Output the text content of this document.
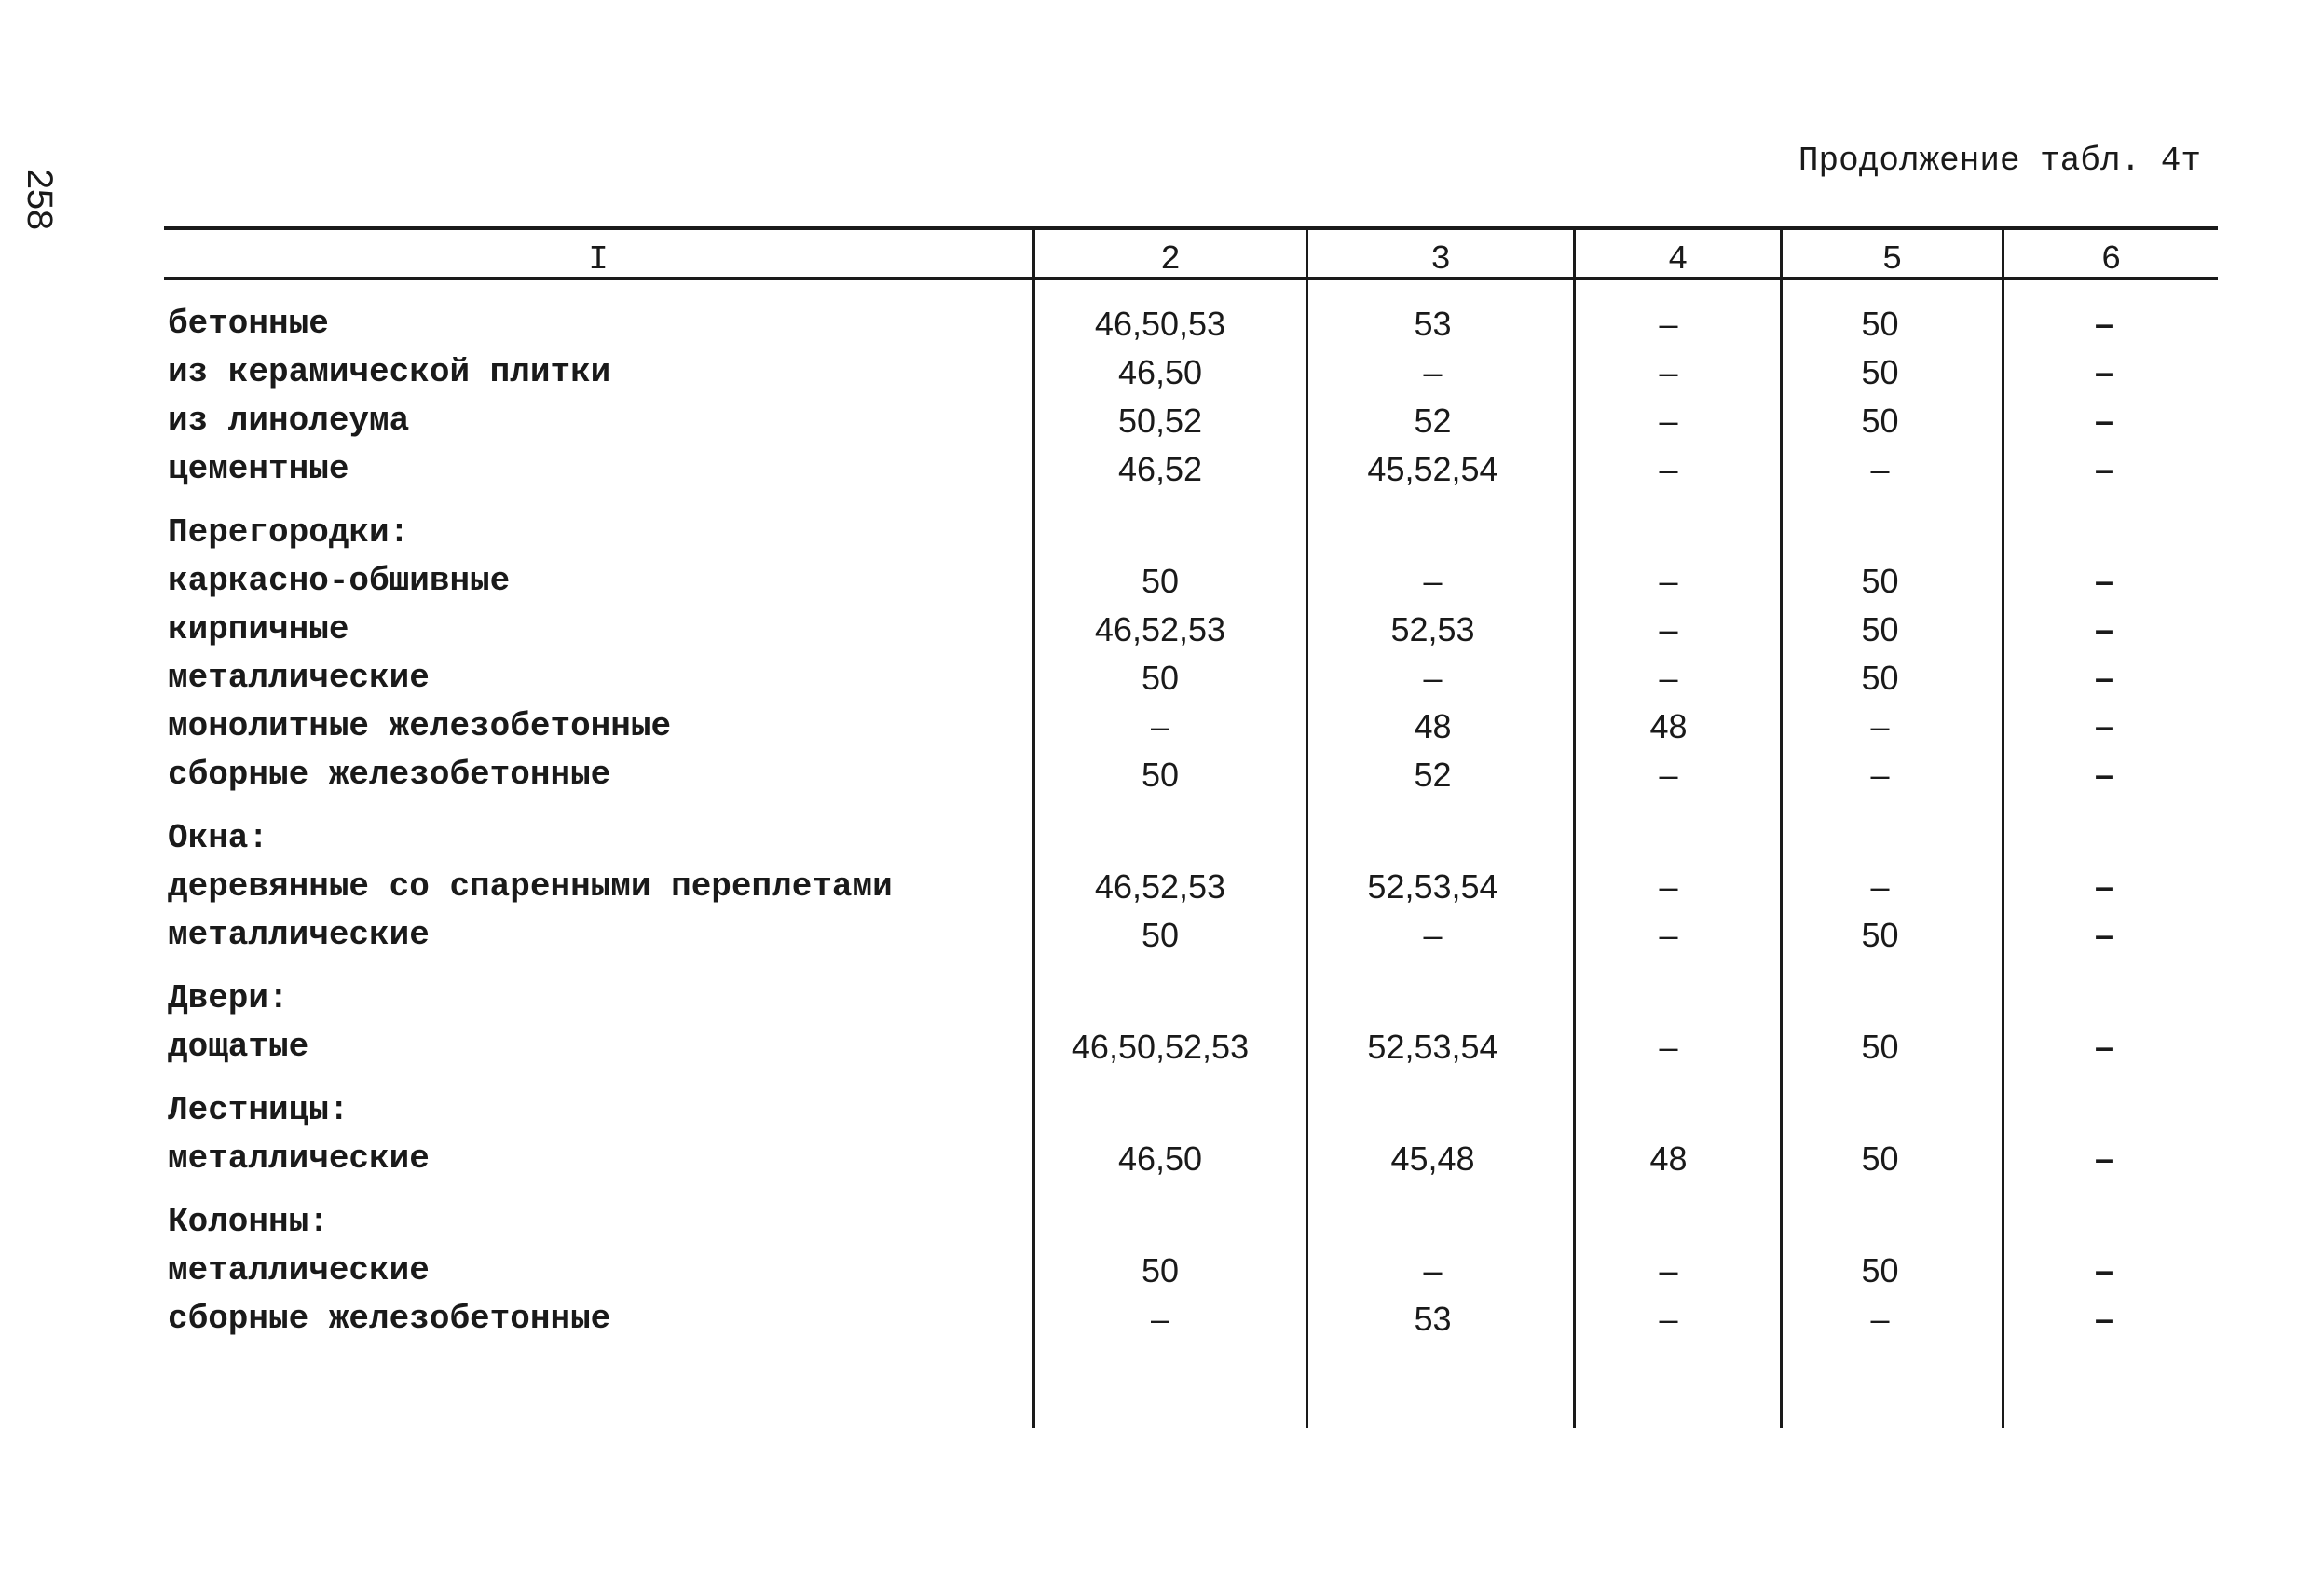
258
Продолжение табл. 4т
I	2	3	4	5	6
бетонные	46,50,53	53	–	50	–
из керамической плитки	46,50	–	–	50	–
из линолеума	50,52	52	–	50	–
цементные	46,52	45,52,54	–	–	–
Перегородки:
каркасно-обшивные	50	–	–	50	–
кирпичные	46,52,53	52,53	–	50	–
металлические	50	–	–	50	–
монолитные железобетонные	–	48	48	–	–
сборные железобетонные	50	52	–	–	–
Окна:
деревянные со спаренными переплетами	46,52,53	52,53,54	–	–	–
металлические	50	–	–	50	–
Двери:
дощатые	46,50,52,53	52,53,54	–	50	–
Лестницы:
металлические	46,50	45,48	48	50	–
Колонны:
металлические	50	–	–	50	–
сборные железобетонные	–	53	–	–	–
